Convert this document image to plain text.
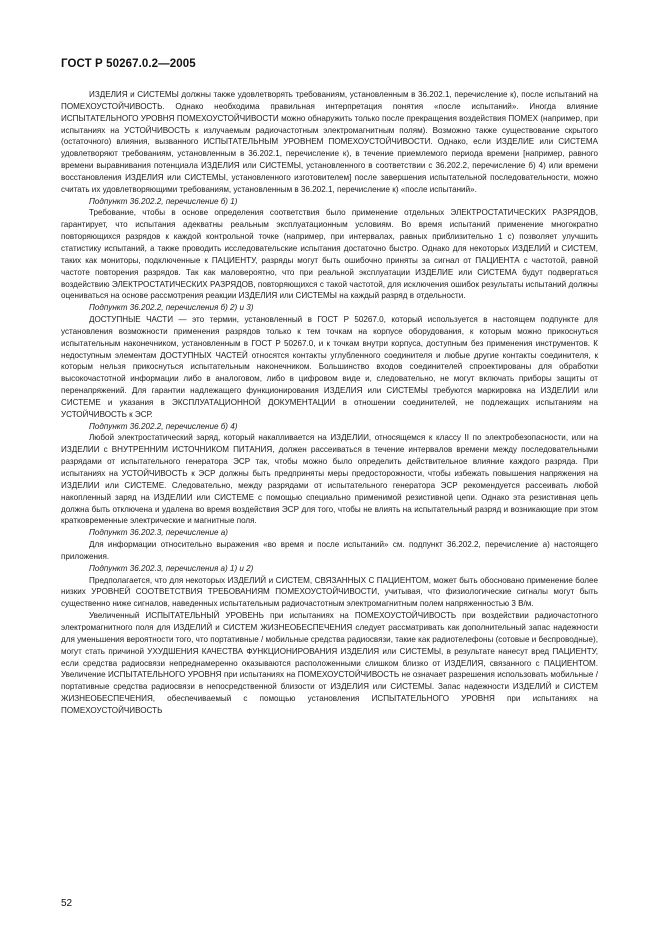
ГОСТ Р 50267.0.2—2005

ИЗДЕЛИЯ и СИСТЕМЫ должны также удовлетворять требованиям, установленным в 36.202.1, перечисление к), после испытаний на ПОМЕХОУСТОЙЧИВОСТЬ. Однако необходима правильная интерпретация понятия «после испытаний». Иногда влияние ИСПЫТАТЕЛЬНОГО УРОВНЯ ПОМЕХОУСТОЙЧИВОСТИ можно обнаружить только после прекращения воздействия ПОМЕХ (например, при испытаниях на УСТОЙЧИВОСТЬ к излучаемым радиочастотным электромагнитным полям). Возможно также существование скрытого (остаточного) влияния, вызванного ИСПЫТАТЕЛЬНЫМ УРОВНЕМ ПОМЕХОУСТОЙЧИВОСТИ. Однако, если ИЗДЕЛИЕ или СИСТЕМА удовлетворяют требованиям, установленным в 36.202.1, перечисление к), в течение приемлемого периода времени [например, равного времени выравнивания потенциала ИЗДЕЛИЯ или СИСТЕМЫ, установленного в соответствии с 36.202.2, перечисление б) 4) или времени восстановления ИЗДЕЛИЯ или СИСТЕМЫ, установленного изготовителем] после завершения испытательной последовательности, можно считать их удовлетворяющими требованиям, установленным в 36.202.1, перечисление к) «после испытаний».

Подпункт 36.202.2, перечисление б) 1)

Требование, чтобы в основе определения соответствия было применение отдельных ЭЛЕКТРОСТАТИЧЕСКИХ РАЗРЯДОВ, гарантирует, что испытания адекватны реальным эксплуатационным условиям. Во время испытаний применение многократно повторяющихся разрядов к каждой контрольной точке (например, при интервалах, равных приблизительно 1 с) позволяет улучшить статистику испытаний, а также проводить исследовательские испытания достаточно быстро. Однако для некоторых ИЗДЕЛИЙ и СИСТЕМ, таких как мониторы, подключенные к ПАЦИЕНТУ, разряды могут быть ошибочно приняты за сигнал от ПАЦИЕНТА с частотой, равной частоте повторения разрядов. Так как маловероятно, что при реальной эксплуатации ИЗДЕЛИЕ или СИСТЕМА будут подвергаться воздействию ЭЛЕКТРОСТАТИЧЕСКИХ РАЗРЯДОВ, повторяющихся с такой частотой, для исключения ошибок результаты испытаний должны оцениваться на основе рассмотрения реакции ИЗДЕЛИЯ или СИСТЕМЫ на каждый разряд в отдельности.

Подпункт 36.202.2, перечисления б) 2) и 3)

ДОСТУПНЫЕ ЧАСТИ — это термин, установленный в ГОСТ Р 50267.0, который используется в настоящем подпункте для установления возможности применения разрядов только к тем точкам на корпусе оборудования, к которым можно прикоснуться испытательным наконечником, установленным в ГОСТ Р 50267.0, и к точкам внутри корпуса, доступным без применения инструментов. К недоступным элементам ДОСТУПНЫХ ЧАСТЕЙ относятся контакты углубленного соединителя и любые другие контакты соединителя, к которым нельзя прикоснуться испытательным наконечником. Большинство входов соединителей спроектированы для обработки высокочастотной информации либо в аналоговом, либо в цифровом виде и, следовательно, не могут включать приборы защиты от перенапряжений. Для гарантии надлежащего функционирования ИЗДЕЛИЯ или СИСТЕМЫ требуются маркировка на ИЗДЕЛИИ или СИСТЕМЕ и указания в ЭКСПЛУАТАЦИОННОЙ ДОКУМЕНТАЦИИ в отношении соединителей, не подлежащих испытаниям на УСТОЙЧИВОСТЬ к ЭСР.

Подпункт 36.202.2, перечисление б) 4)

Любой электростатический заряд, который накапливается на ИЗДЕЛИИ, относящемся к классу II по электробезопасности, или на ИЗДЕЛИИ с ВНУТРЕННИМ ИСТОЧНИКОМ ПИТАНИЯ, должен рассеиваться в течение интервалов времени между последовательными разрядами от испытательного генератора ЭСР так, чтобы можно было определить действительное влияние каждого разряда. При испытаниях на УСТОЙЧИВОСТЬ к ЭСР должны быть предприняты меры предосторожности, чтобы избежать повышения напряжения на ИЗДЕЛИИ или СИСТЕМЕ. Следовательно, между разрядами от испытательного генератора ЭСР рекомендуется рассеивать любой накопленный заряд на ИЗДЕЛИИ или СИСТЕМЕ с помощью специально применимой резистивной цепи. Однако эта резистивная цепь должна быть отключена и удалена во время воздействия ЭСР для того, чтобы не влиять на испытательный разряд и возникающие при этом кратковременные электрические и магнитные поля.

Подпункт 36.202.3, перечисление а)

Для информации относительно выражения «во время и после испытаний» см. подпункт 36.202.2, перечисление а) настоящего приложения.

Подпункт 36.202.3, перечисления а) 1) и 2)

Предполагается, что для некоторых ИЗДЕЛИЙ и СИСТЕМ, СВЯЗАННЫХ С ПАЦИЕНТОМ, может быть обосновано применение более низких УРОВНЕЙ СООТВЕТСТВИЯ ТРЕБОВАНИЯМ ПОМЕХОУСТОЙЧИВОСТИ, учитывая, что физиологические сигналы могут быть существенно ниже сигналов, наведенных испытательным радиочастотным электромагнитным полем напряженностью 3 В/м.

Увеличенный ИСПЫТАТЕЛЬНЫЙ УРОВЕНЬ при испытаниях на ПОМЕХОУСТОЙЧИВОСТЬ при воздействии радиочастотного электромагнитного поля для ИЗДЕЛИЙ и СИСТЕМ ЖИЗНЕОБЕСПЕЧЕНИЯ следует рассматривать как дополнительный запас надежности для уменьшения вероятности того, что портативные / мобильные средства радиосвязи, такие как радиотелефоны (сотовые и беспроводные), могут стать причиной УХУДШЕНИЯ КАЧЕСТВА ФУНКЦИОНИРОВАНИЯ ИЗДЕЛИЯ или СИСТЕМЫ, в результате нанесут вред ПАЦИЕНТУ, если средства радиосвязи непреднамеренно оказываются расположенными слишком близко от ИЗДЕЛИЯ, связанного с ПАЦИЕНТОМ. Увеличение ИСПЫТАТЕЛЬНОГО УРОВНЯ при испытаниях на ПОМЕХОУСТОЙЧИВОСТЬ не означает разрешения использовать мобильные / портативные средства радиосвязи в непосредственной близости от ИЗДЕЛИЯ или СИСТЕМЫ. Запас надежности ИЗДЕЛИЙ и СИСТЕМ ЖИЗНЕОБЕСПЕЧЕНИЯ, обеспечиваемый с помощью установления ИСПЫТАТЕЛЬНОГО УРОВНЯ при испытаниях на ПОМЕХОУСТОЙЧИВОСТЬ

52
